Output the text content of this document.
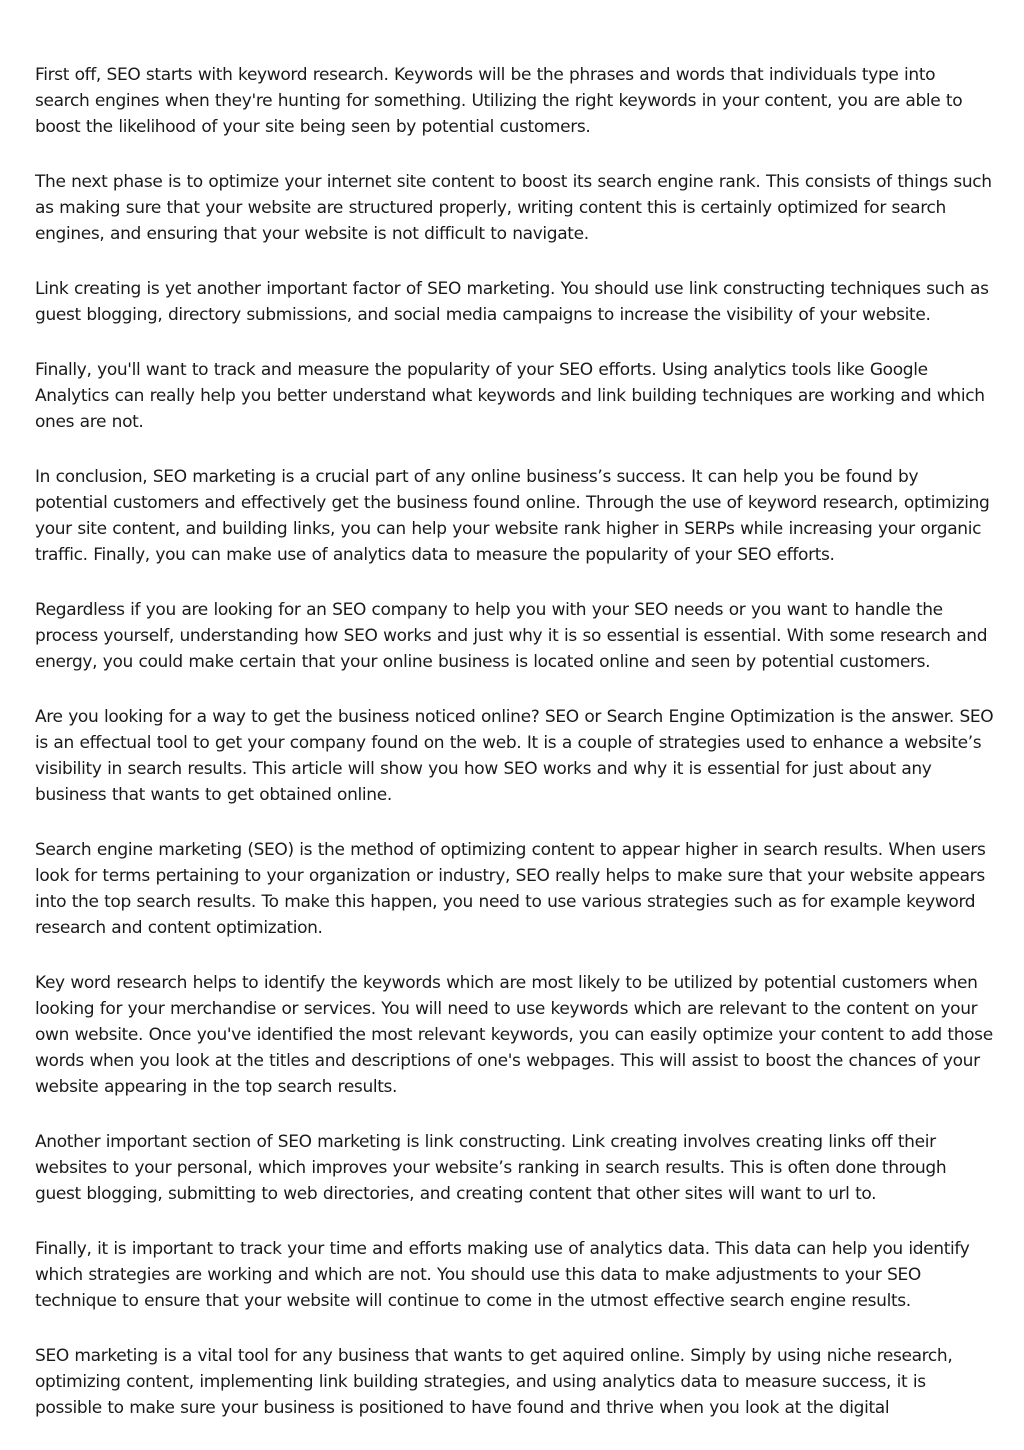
First off, SEO starts with keyword research. Keywords will be the phrases and words that individuals type into search engines when they're hunting for something. Utilizing the right keywords in your content, you are able to boost the likelihood of your site being seen by potential customers.

The next phase is to optimize your internet site content to boost its search engine rank. This consists of things such as making sure that your website are structured properly, writing content this is certainly optimized for search engines, and ensuring that your website is not difficult to navigate.

Link creating is yet another important factor of SEO marketing. You should use link constructing techniques such as guest blogging, directory submissions, and social media campaigns to increase the visibility of your website.

Finally, you'll want to track and measure the popularity of your SEO efforts. Using analytics tools like Google Analytics can really help you better understand what keywords and link building techniques are working and which ones are not.

In conclusion, SEO marketing is a crucial part of any online business’s success. It can help you be found by potential customers and effectively get the business found online. Through the use of keyword research, optimizing your site content, and building links, you can help your website rank higher in SERPs while increasing your organic traffic. Finally, you can make use of analytics data to measure the popularity of your SEO efforts.

Regardless if you are looking for an SEO company to help you with your SEO needs or you want to handle the process yourself, understanding how SEO works and just why it is so essential is essential. With some research and energy, you could make certain that your online business is located online and seen by potential customers.

Are you looking for a way to get the business noticed online? SEO or Search Engine Optimization is the answer. SEO is an effectual tool to get your company found on the web. It is a couple of strategies used to enhance a website’s visibility in search results. This article will show you how SEO works and why it is essential for just about any business that wants to get obtained online.

Search engine marketing (SEO) is the method of optimizing content to appear higher in search results. When users look for terms pertaining to your organization or industry, SEO really helps to make sure that your website appears into the top search results. To make this happen, you need to use various strategies such as for example keyword research and content optimization.

Key word research helps to identify the keywords which are most likely to be utilized by potential customers when looking for your merchandise or services. You will need to use keywords which are relevant to the content on your own website. Once you've identified the most relevant keywords, you can easily optimize your content to add those words when you look at the titles and descriptions of one's webpages. This will assist to boost the chances of your website appearing in the top search results.

Another important section of SEO marketing is link constructing. Link creating involves creating links off their websites to your personal, which improves your website’s ranking in search results. This is often done through guest blogging, submitting to web directories, and creating content that other sites will want to url to.

Finally, it is important to track your time and efforts making use of analytics data. This data can help you identify which strategies are working and which are not. You should use this data to make adjustments to your SEO technique to ensure that your website will continue to come in the utmost effective search engine results.

SEO marketing is a vital tool for any business that wants to get aquired online. Simply by using niche research, optimizing content, implementing link building strategies, and using analytics data to measure success, it is possible to make sure your business is positioned to have found and thrive when you look at the digital
